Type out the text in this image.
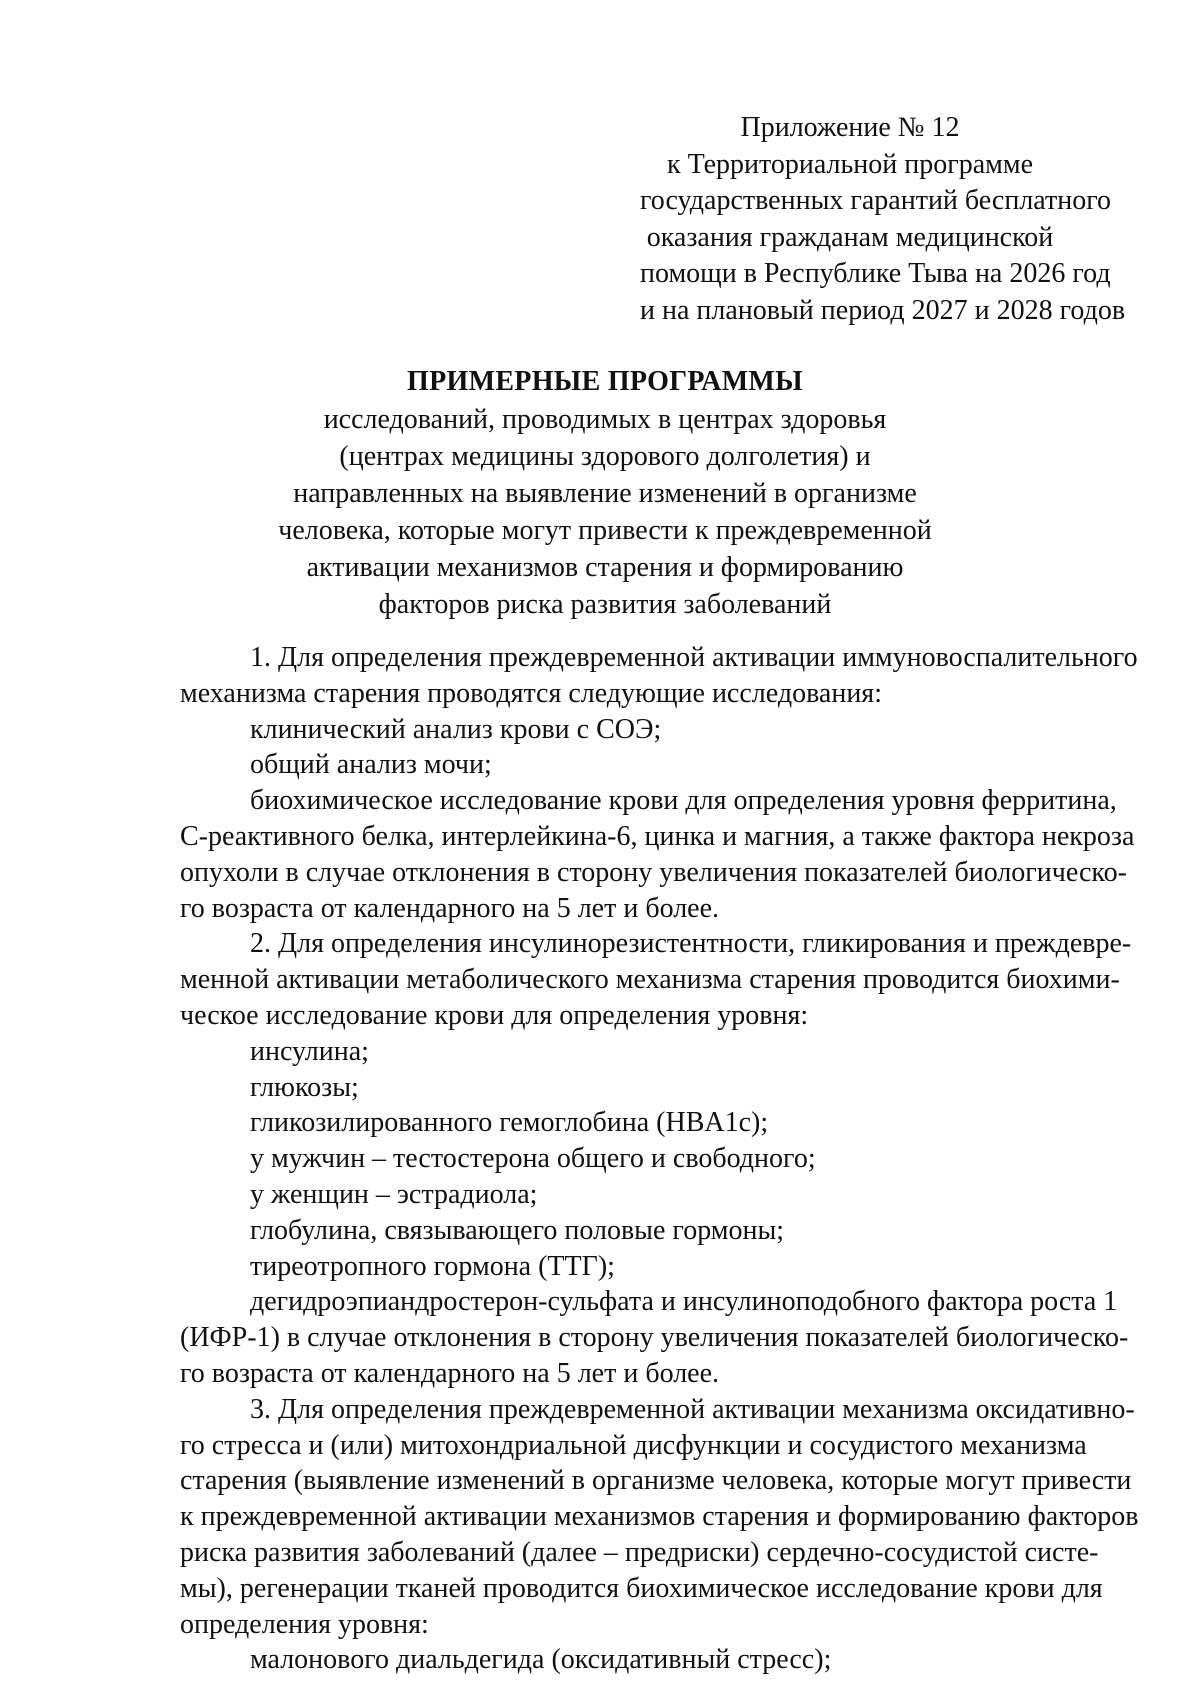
Приложение № 12
к Территориальной программе
государственных гарантий бесплатного
оказания гражданам медицинской
помощи в Республике Тыва на 2026 год
и на плановый период 2027 и 2028 годов
ПРИМЕРНЫЕ ПРОГРАММЫ
исследований, проводимых в центрах здоровья
(центрах медицины здорового долголетия) и
направленных на выявление изменений в организме
человека, которые могут привести к преждевременной
активации механизмов старения и формированию
факторов риска развития заболеваний
1. Для определения преждевременной активации иммуновоспалительного
механизма старения проводятся следующие исследования:
клинический анализ крови с СОЭ;
общий анализ мочи;
биохимическое исследование крови для определения уровня ферритина,
С-реактивного белка, интерлейкина-6, цинка и магния, а также фактора некроза
опухоли в случае отклонения в сторону увеличения показателей биологическо-
го возраста от календарного на 5 лет и более.
2. Для определения инсулинорезистентности, гликирования и преждевре-
менной активации метаболического механизма старения проводится биохими-
ческое исследование крови для определения уровня:
инсулина;
глюкозы;
гликозилированного гемоглобина (HBA1c);
у мужчин – тестостерона общего и свободного;
у женщин – эстрадиола;
глобулина, связывающего половые гормоны;
тиреотропного гормона (ТТГ);
дегидроэпиандростерон-сульфата и инсулиноподобного фактора роста 1
(ИФР-1) в случае отклонения в сторону увеличения показателей биологическо-
го возраста от календарного на 5 лет и более.
3. Для определения преждевременной активации механизма оксидативно-
го стресса и (или) митохондриальной дисфункции и сосудистого механизма
старения (выявление изменений в организме человека, которые могут привести
к преждевременной активации механизмов старения и формированию факторов
риска развития заболеваний (далее – предриски) сердечно-сосудистой систе-
мы), регенерации тканей проводится биохимическое исследование крови для
определения уровня:
малонового диальдегида (оксидативный стресс);
